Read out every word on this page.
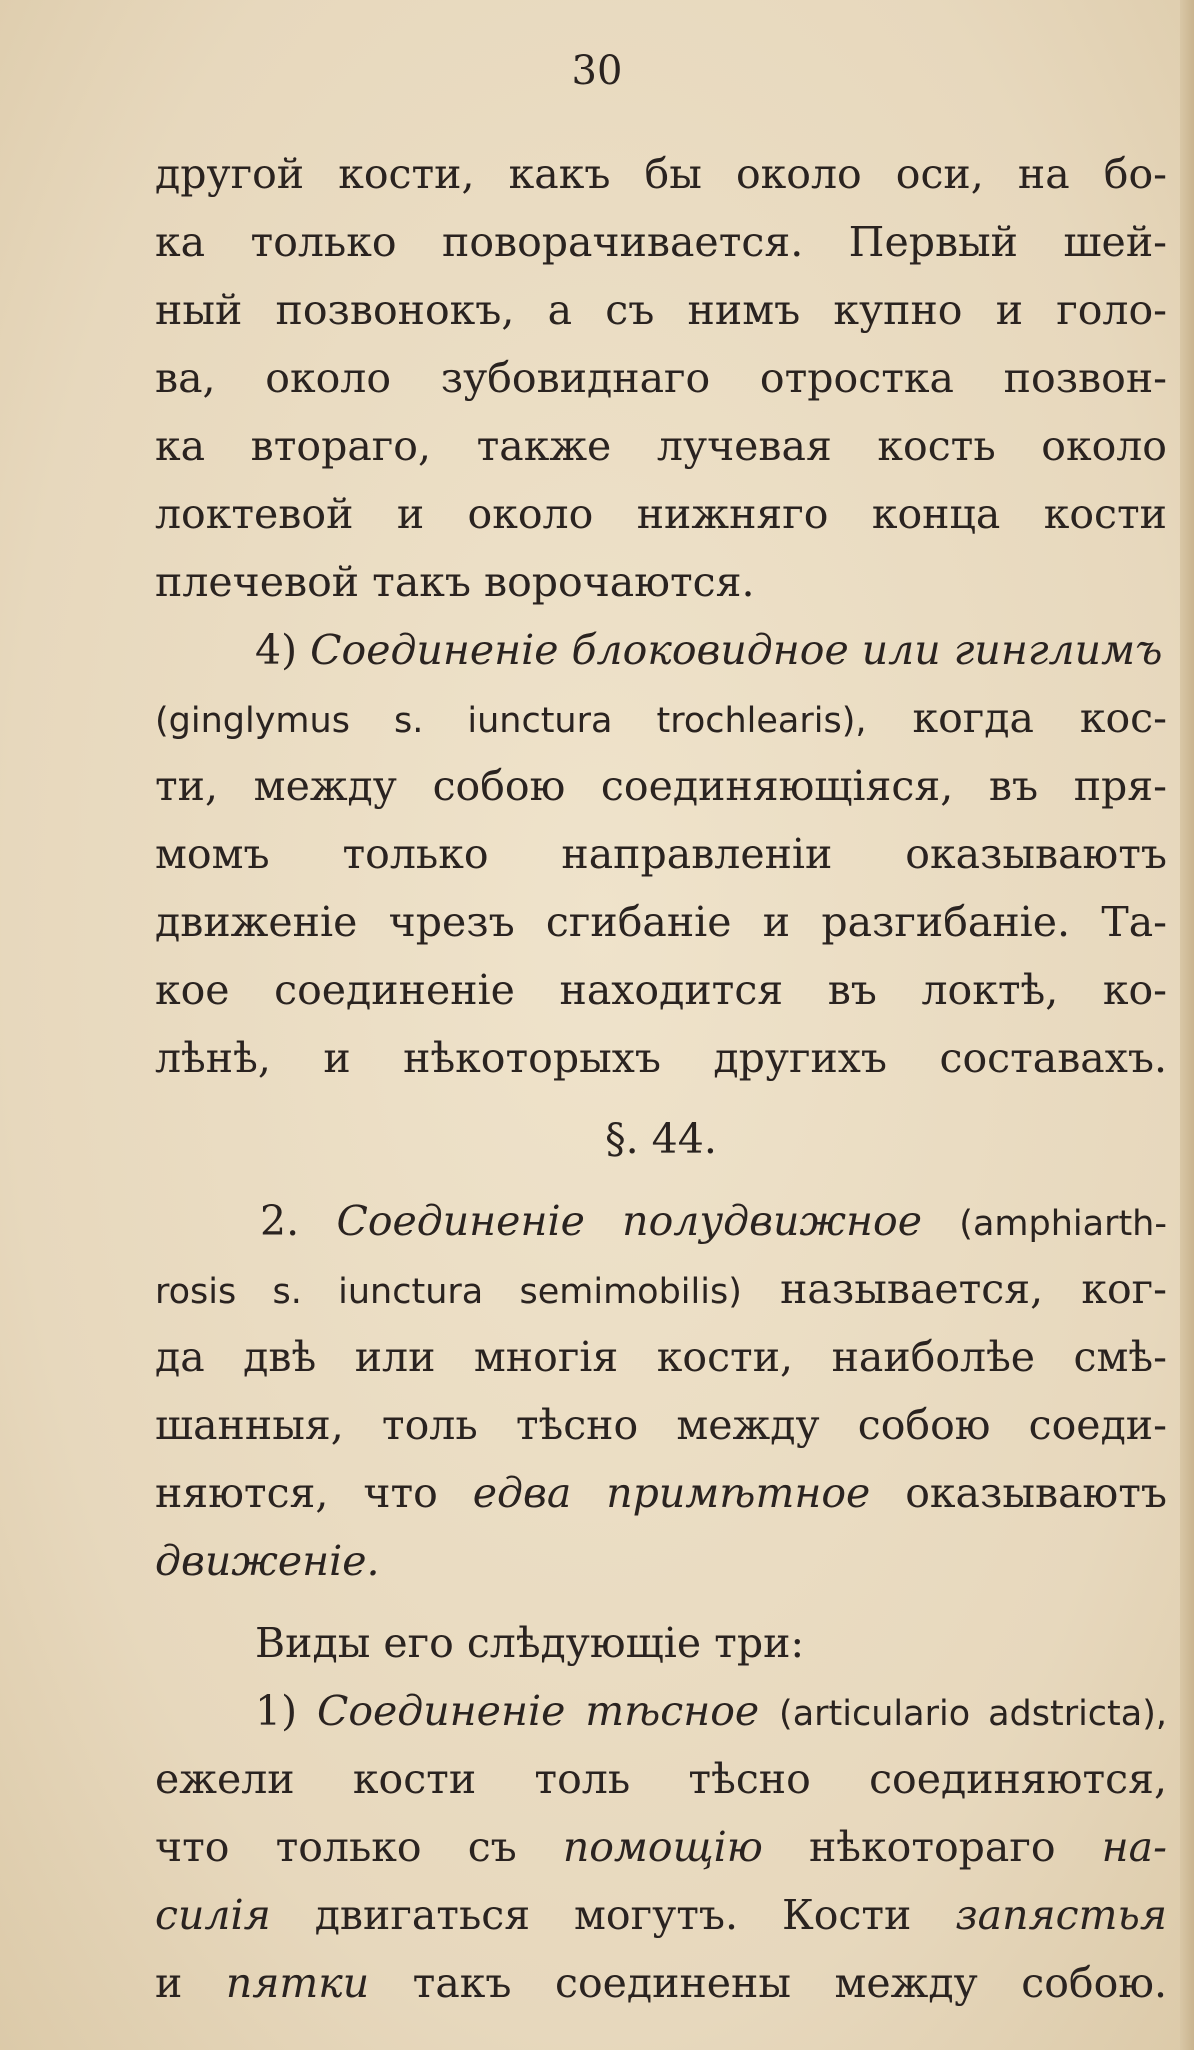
30
другой кости, какъ бы около оси, на бо-
ка только поворачивается. Первый шей-
ный позвонокъ, а съ нимъ купно и голо-
ва, около зубовиднаго отростка позвон-
ка втораго, также лучевая кость около
локтевой и около нижняго конца кости
плечевой такъ ворочаются.
4) Соединеніе блоковидное или гинглимъ
(ginglymus s. iunctura trochlearis), когда кос-
ти, между собою соединяющіяся, въ пря-
момъ только направленіи оказываютъ
движеніе чрезъ сгибаніе и разгибаніе. Та-
кое соединеніе находится въ локтѣ, ко-
лѣнѣ, и нѣкоторыхъ другихъ составахъ.
§. 44.
2. Соединеніе полудвижное (amphiarth-
rosis s. iunctura semimobilis) называется, ког-
да двѣ или многія кости, наиболѣе смѣ-
шанныя, толь тѣсно между собою соеди-
няются, что едва примѣтное оказываютъ
движеніе.
Виды его слѣдующіе три:
1) Соединеніе тѣсное (articulario adstricta),
ежели кости толь тѣсно соединяются,
что только съ помощію нѣкотораго на-
силія двигаться могутъ. Кости запястья
и пятки такъ соединены между собою.
